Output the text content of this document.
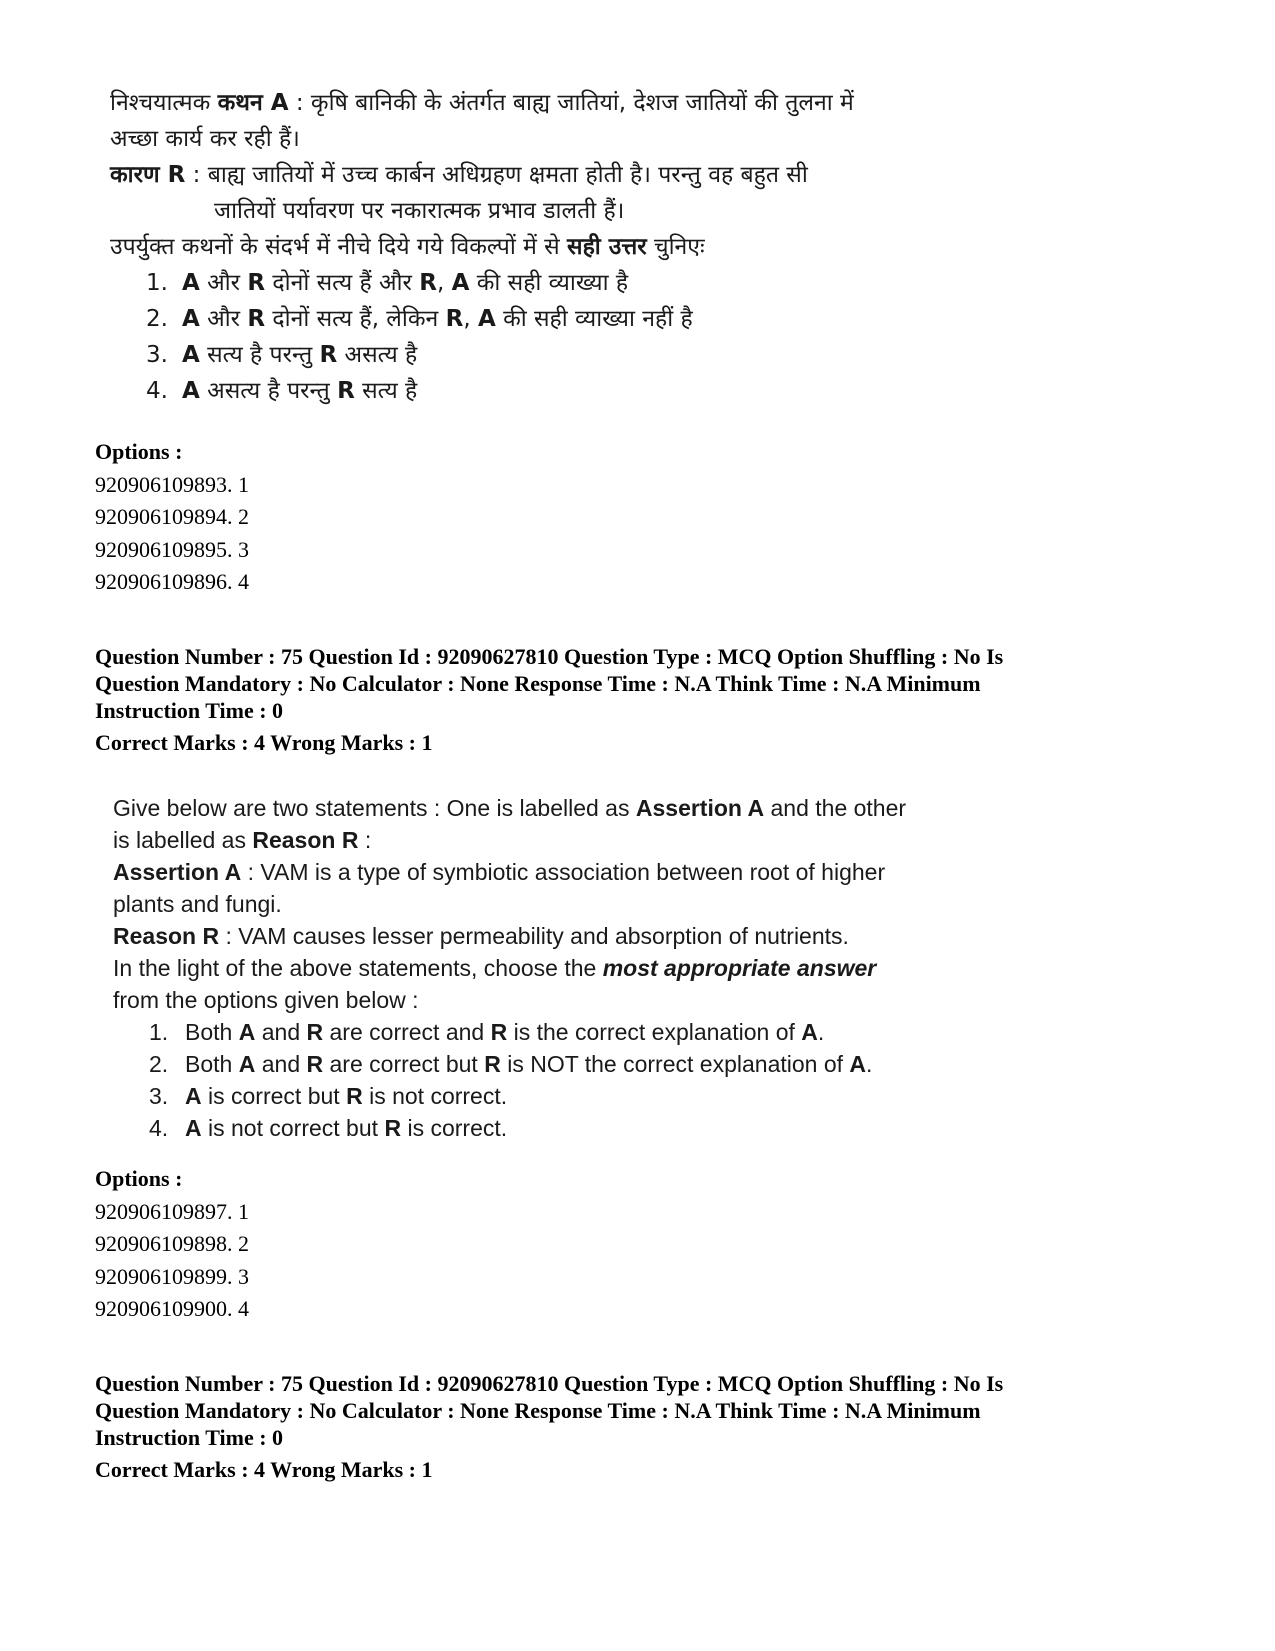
निश्चयात्मक कथन A : कृषि बानिकी के अंतर्गत बाह्य जातियां, देशज जातियों की तुलना में

अच्छा कार्य कर रही हैं।

कारण R : बाह्य जातियों में उच्च कार्बन अधिग्रहण क्षमता होती है। परन्तु वह बहुत सी

जातियों पर्यावरण पर नकारात्मक प्रभाव डालती हैं।

उपर्युक्त कथनों के संदर्भ में नीचे दिये गये विकल्पों में से सही उत्तर चुनिएः

1. A और R दोनों सत्य हैं और R, A की सही व्याख्या है
2. A और R दोनों सत्य हैं, लेकिन R, A की सही व्याख्या नहीं है
3. A सत्य है परन्तु R असत्य है
4. A असत्य है परन्तु R सत्य है
Options :
920906109893. 1
920906109894. 2
920906109895. 3
920906109896. 4
Question Number : 75 Question Id : 92090627810 Question Type : MCQ Option Shuffling : No Is
Question Mandatory : No Calculator : None Response Time : N.A Think Time : N.A Minimum
Instruction Time : 0
Correct Marks : 4 Wrong Marks : 1

Give below are two statements : One is labelled as Assertion A and the other

is labelled as Reason R :

Assertion A : VAM is a type of symbiotic association between root of higher

plants and fungi.

Reason R : VAM causes lesser permeability and absorption of nutrients.

In the light of the above statements, choose the most appropriate answer

from the options given below :

1. Both A and R are correct and R is the correct explanation of A.
2. Both A and R are correct but R is NOT the correct explanation of A.
3. A is correct but R is not correct.
4. A is not correct but R is correct.
Options :
920906109897. 1
920906109898. 2
920906109899. 3
920906109900. 4
Question Number : 75 Question Id : 92090627810 Question Type : MCQ Option Shuffling : No Is
Question Mandatory : No Calculator : None Response Time : N.A Think Time : N.A Minimum
Instruction Time : 0
Correct Marks : 4 Wrong Marks : 1
